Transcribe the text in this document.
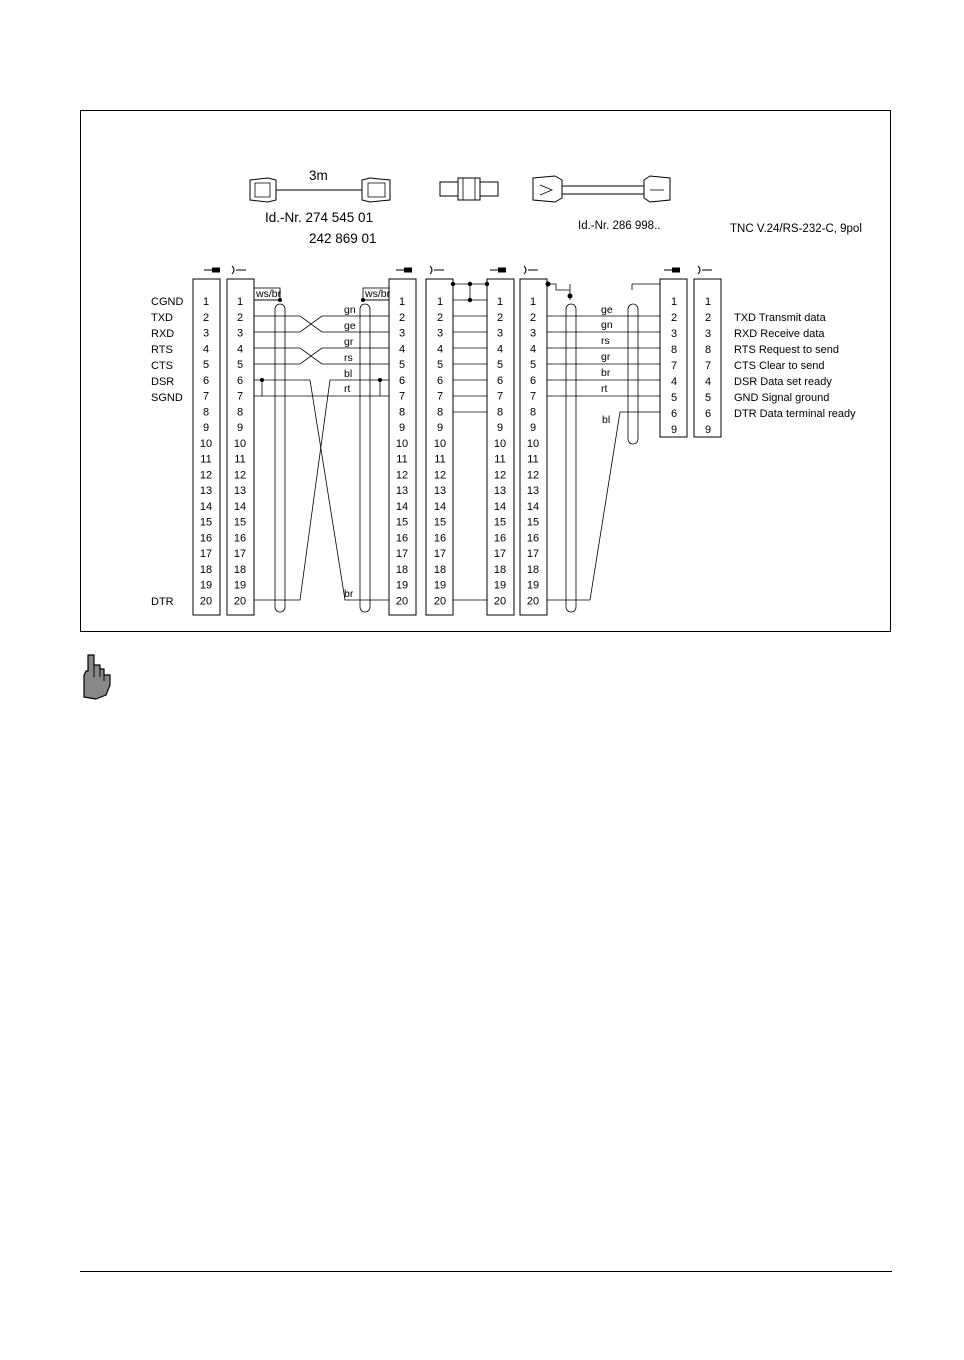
3m
Id.-Nr. 274 545 01
242 869 01
Id.-Nr. 286 998..	TNC V.24/RS-232-C, 9pol
1
2
3
4
5
6
7
8
9
10
11
12
13
14
15
16
17
18
19
20
1
2
3
4
5
6
7
8
9
10
11
12
13
14
15
16
17
18
19
20
1
2
3
4
5
6
7
8
9
10
11
12
13
14
15
16
17
18
19
20
1
2
3
4
5
6
7
8
9
10
11
12
13
14
15
16
17
18
19
20
1
2
3
4
5
6
7
8
9
10
11
12
13
14
15
16
17
18
19
20
1
2
3
4
5
6
7
8
9
10
11
12
13
14
15
16
17
18
19
20
1
2
3
8
7
4
5
6
9
1
2
3
8
7
4
5
6
9
CGND
TXD
RXD
RTS
CTS
DSR
SGND
DTR
ws/br	ws/br
gn
ge
gr
rs
bl
rt
br
ge
gn
rs
gr
br
rt
bl
TXD Transmit data
RXD Receive data
RTS Request to send
CTS Clear to send
DSR Data set ready
GND Signal ground
DTR Data terminal ready
